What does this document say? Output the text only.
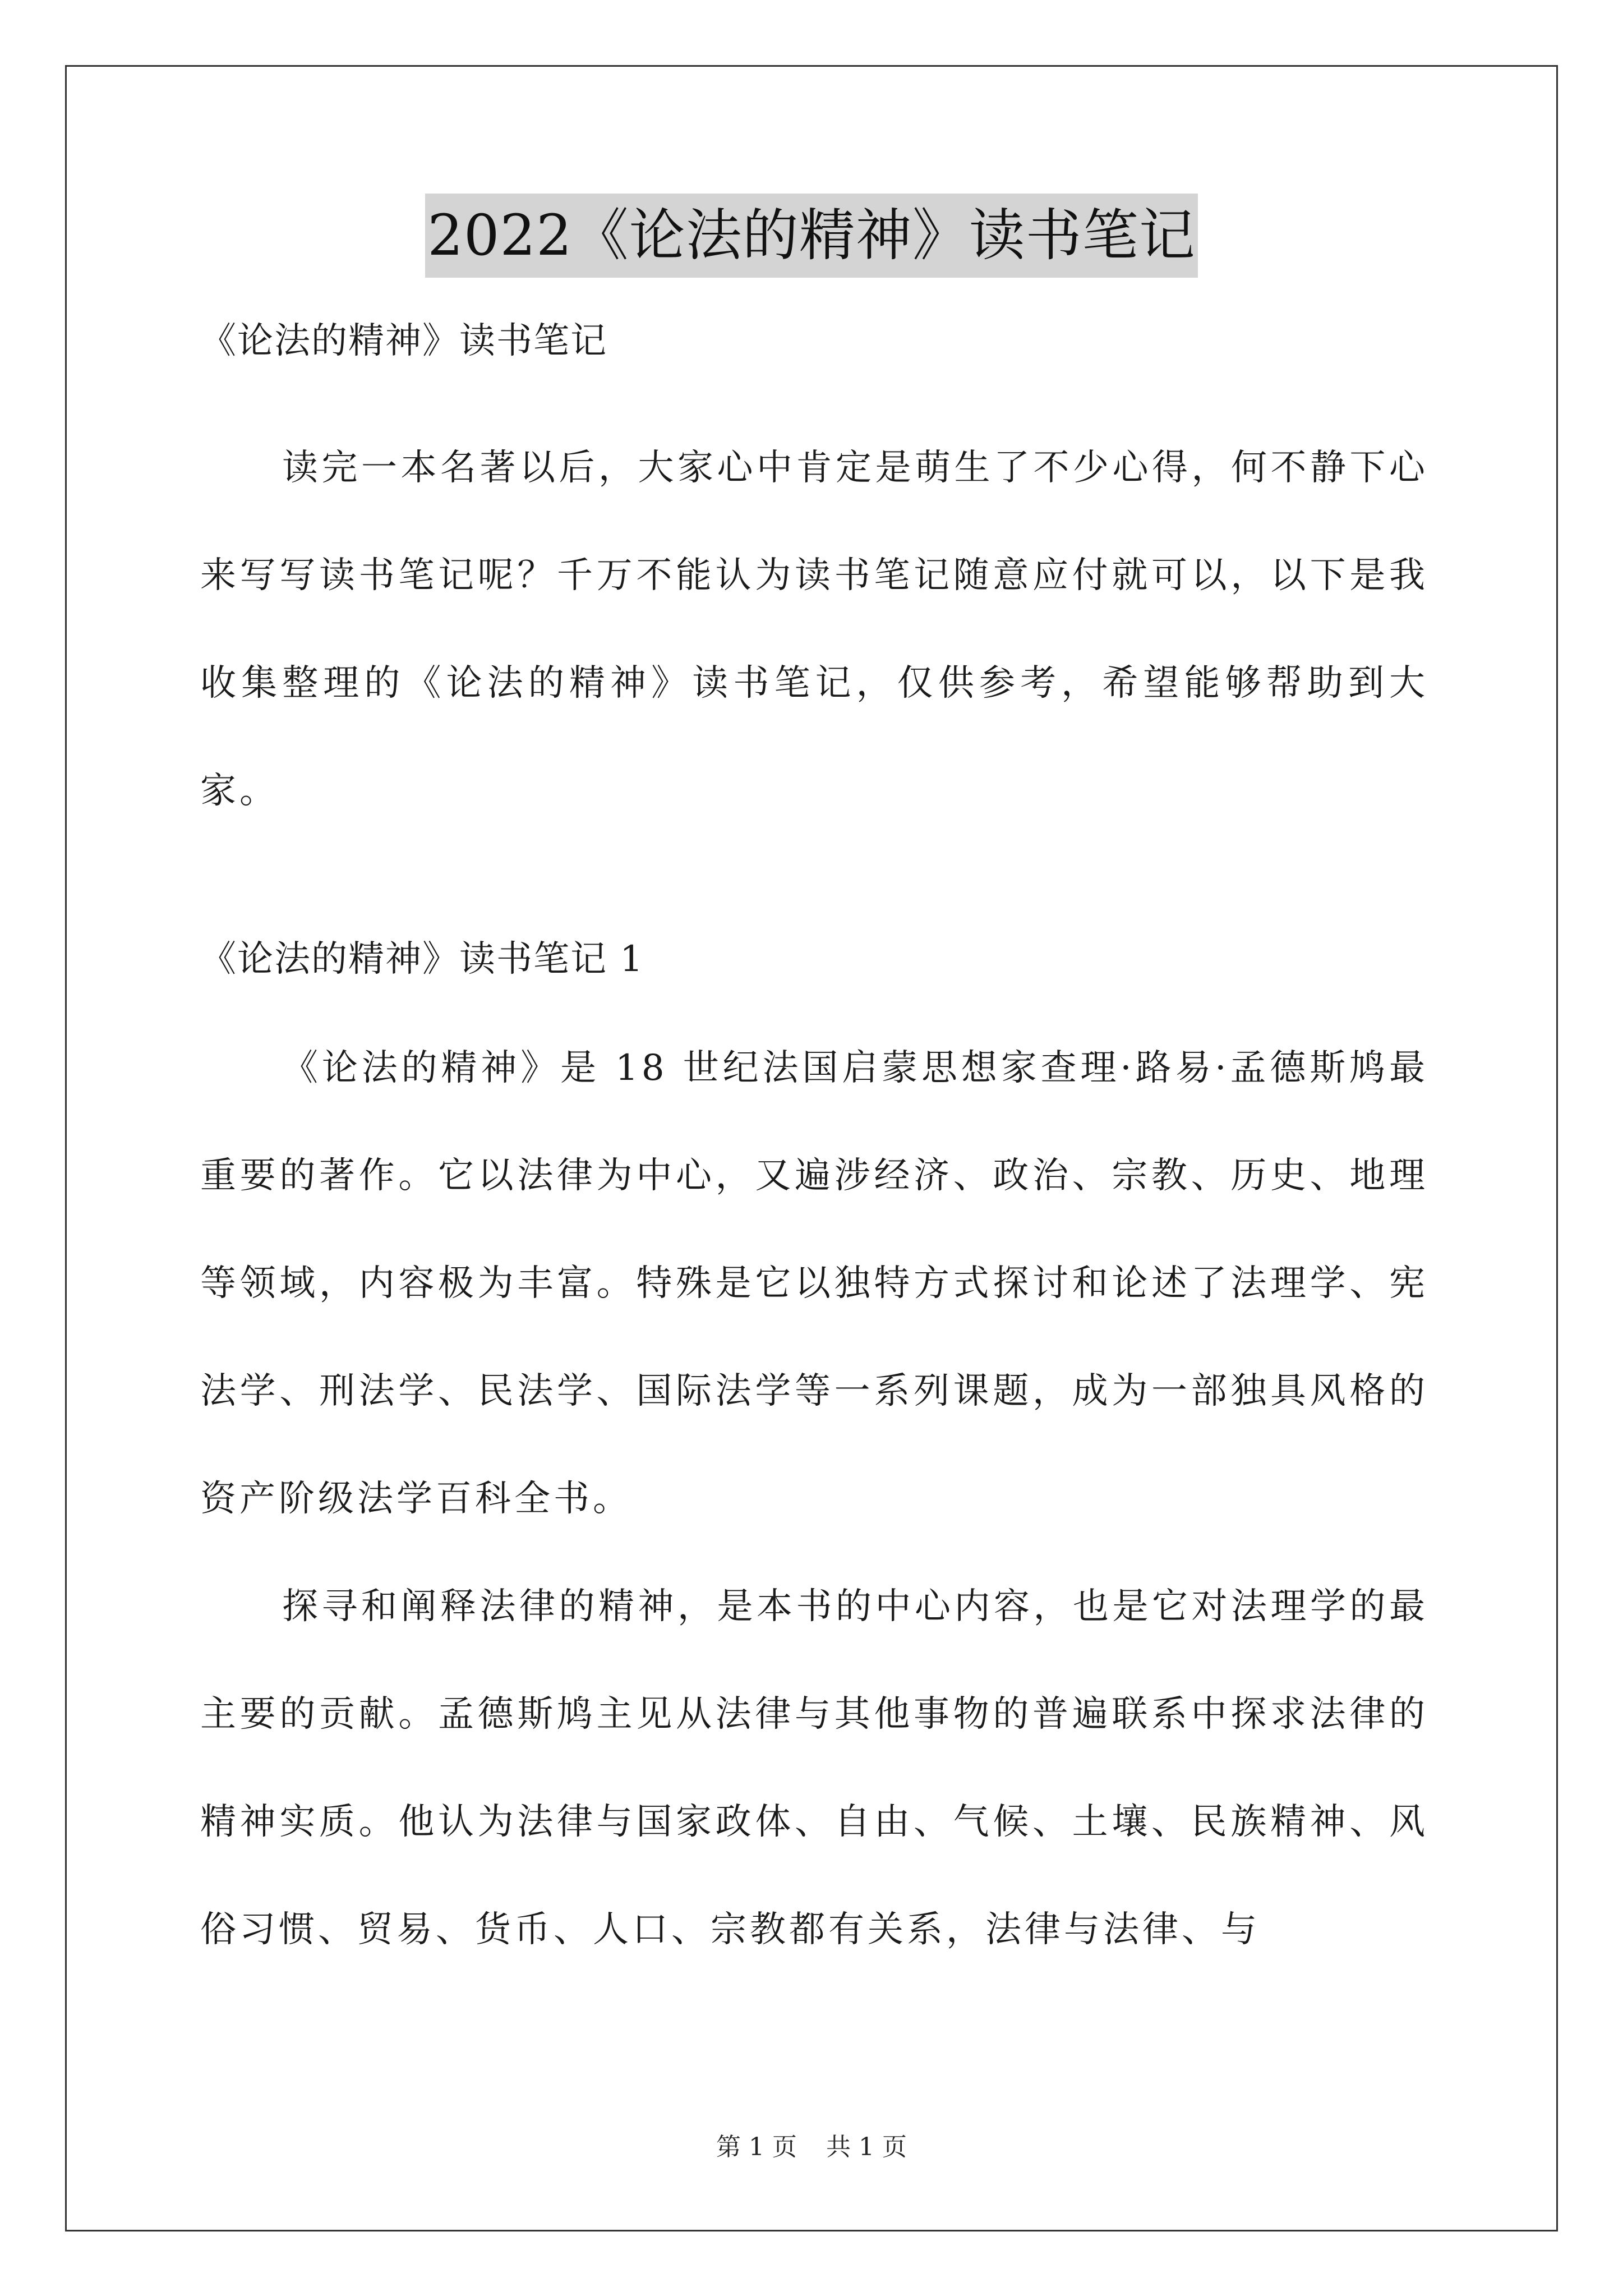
2022《论法的精神》读书笔记

《论法的精神》读书笔记

读完一本名著以后，大家心中肯定是萌生了不少心得，何不静下心来写写读书笔记呢？千万不能认为读书笔记随意应付就可以，以下是我收集整理的《论法的精神》读书笔记，仅供参考，希望能够帮助到大家。

《论法的精神》读书笔记 1

《论法的精神》是 18 世纪法国启蒙思想家查理·路易·孟德斯鸠最重要的著作。它以法律为中心，又遍涉经济、政治、宗教、历史、地理等领域，内容极为丰富。特殊是它以独特方式探讨和论述了法理学、宪法学、刑法学、民法学、国际法学等一系列课题，成为一部独具风格的资产阶级法学百科全书。

探寻和阐释法律的精神，是本书的中心内容，也是它对法理学的最主要的贡献。孟德斯鸠主见从法律与其他事物的普遍联系中探求法律的精神实质。他认为法律与国家政体、自由、气候、土壤、民族精神、风俗习惯、贸易、货币、人口、宗教都有关系，法律与法律、与

第 1 页 共 1 页
